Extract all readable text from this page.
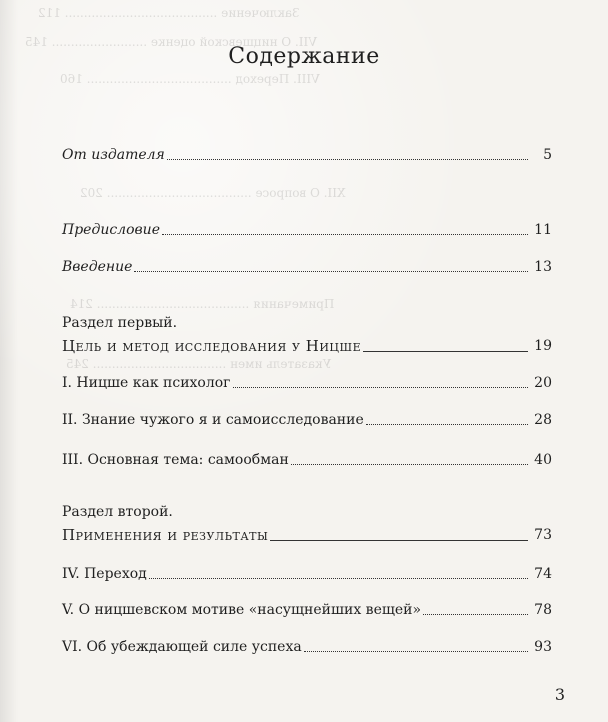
Заключение ........................................ 112
VII. О ницшевской оценке ......................... 145
VIII. Переход ...................................... 160
XII. О вопросе ...................................... 202
Примечания ........................................ 214
Указатель имен ................................... 245
Содержание
От издателя	5
Предисловие	11
Введение	13
Раздел первый.
Цель и метод исследования у Ницше	19
I. Ницше как психолог	20
II. Знание чужого я и самоисследование	28
III. Основная тема: самообман	40
Раздел второй.
Применения и результаты	73
IV. Переход	74
V. О ницшевском мотиве «насущнейших вещей»	78
VI. Об убеждающей силе успеха	93
3
